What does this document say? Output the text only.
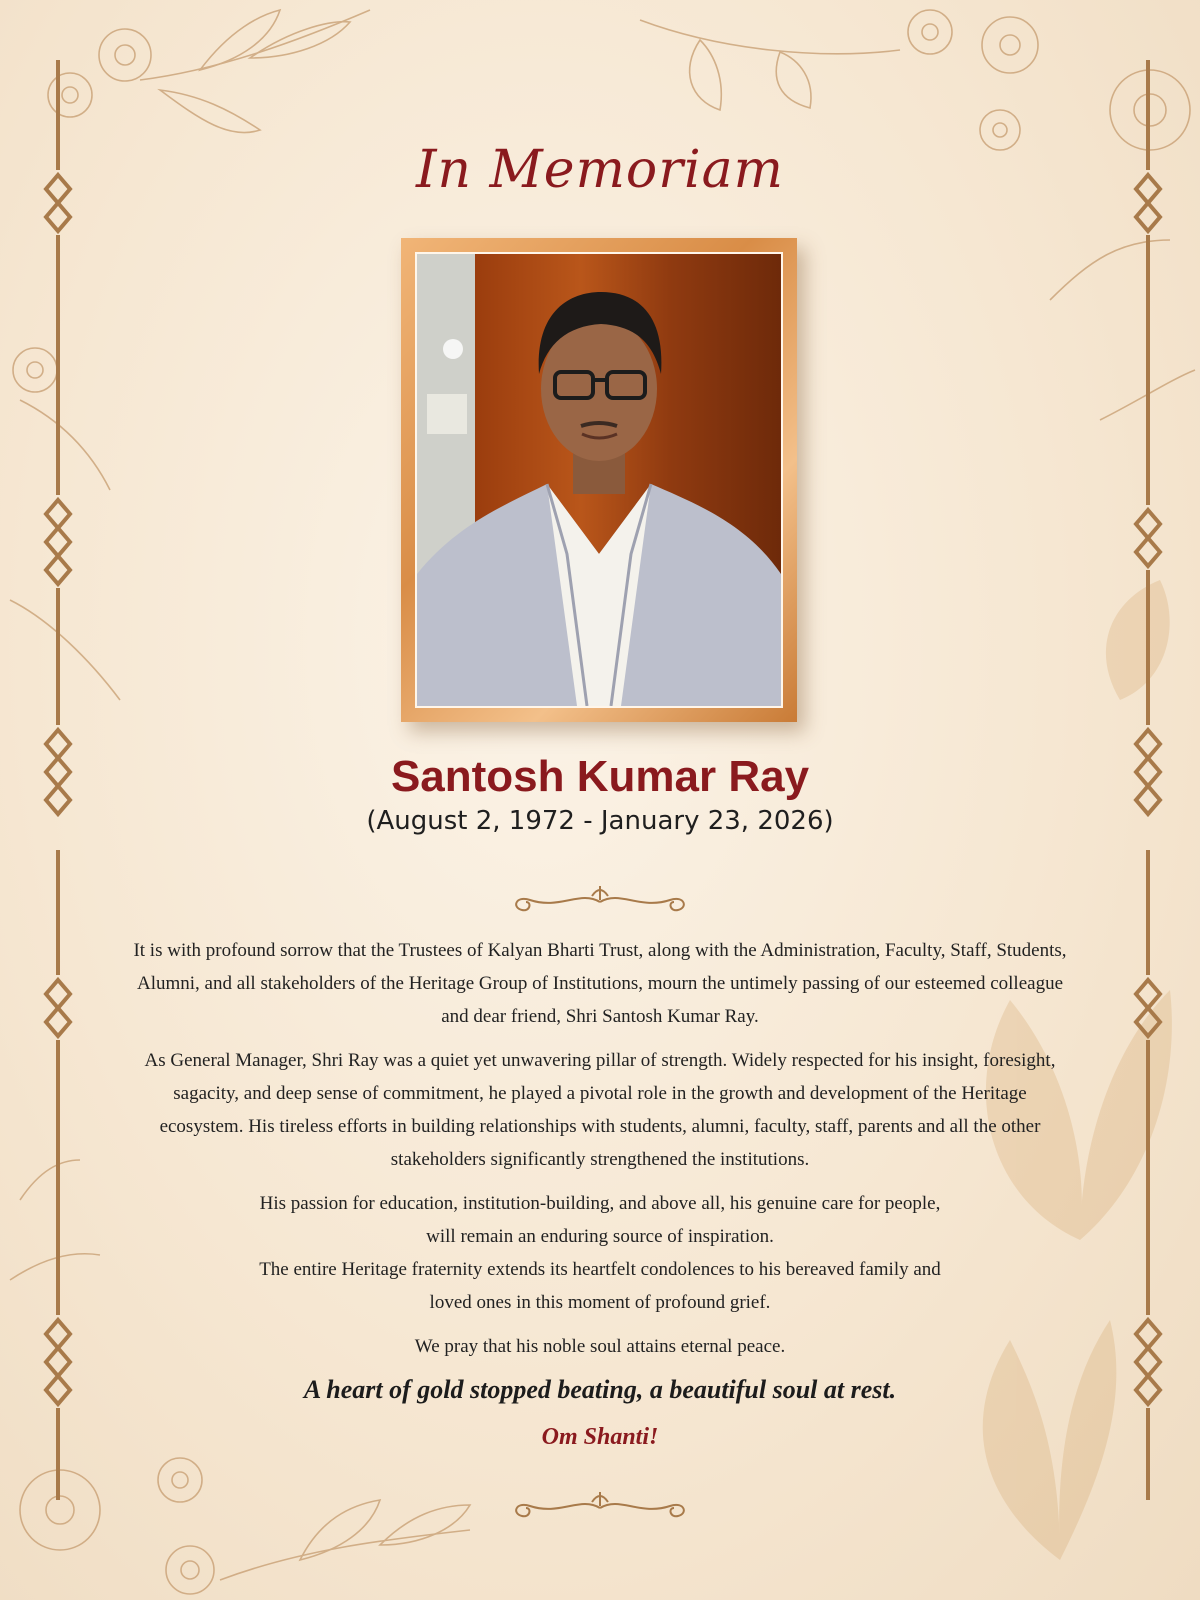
In Memoriam
Santosh Kumar Ray
(August 2, 1972 - January 23, 2026)

It is with profound sorrow that the Trustees of Kalyan Bharti Trust, along with the Administration, Faculty, Staff, Students, Alumni, and all stakeholders of the Heritage Group of Institutions, mourn the untimely passing of our esteemed colleague and dear friend, Shri Santosh Kumar Ray.

As General Manager, Shri Ray was a quiet yet unwavering pillar of strength. Widely respected for his insight, foresight, sagacity, and deep sense of commitment, he played a pivotal role in the growth and development of the Heritage ecosystem. His tireless efforts in building relationships with students, alumni, faculty, staff, parents and all the other stakeholders significantly strengthened the institutions.

His passion for education, institution-building, and above all, his genuine care for people,

will remain an enduring source of inspiration.

The entire Heritage fraternity extends its heartfelt condolences to his bereaved family and

loved ones in this moment of profound grief.

We pray that his noble soul attains eternal peace.

A heart of gold stopped beating, a beautiful soul at rest.
Om Shanti!
